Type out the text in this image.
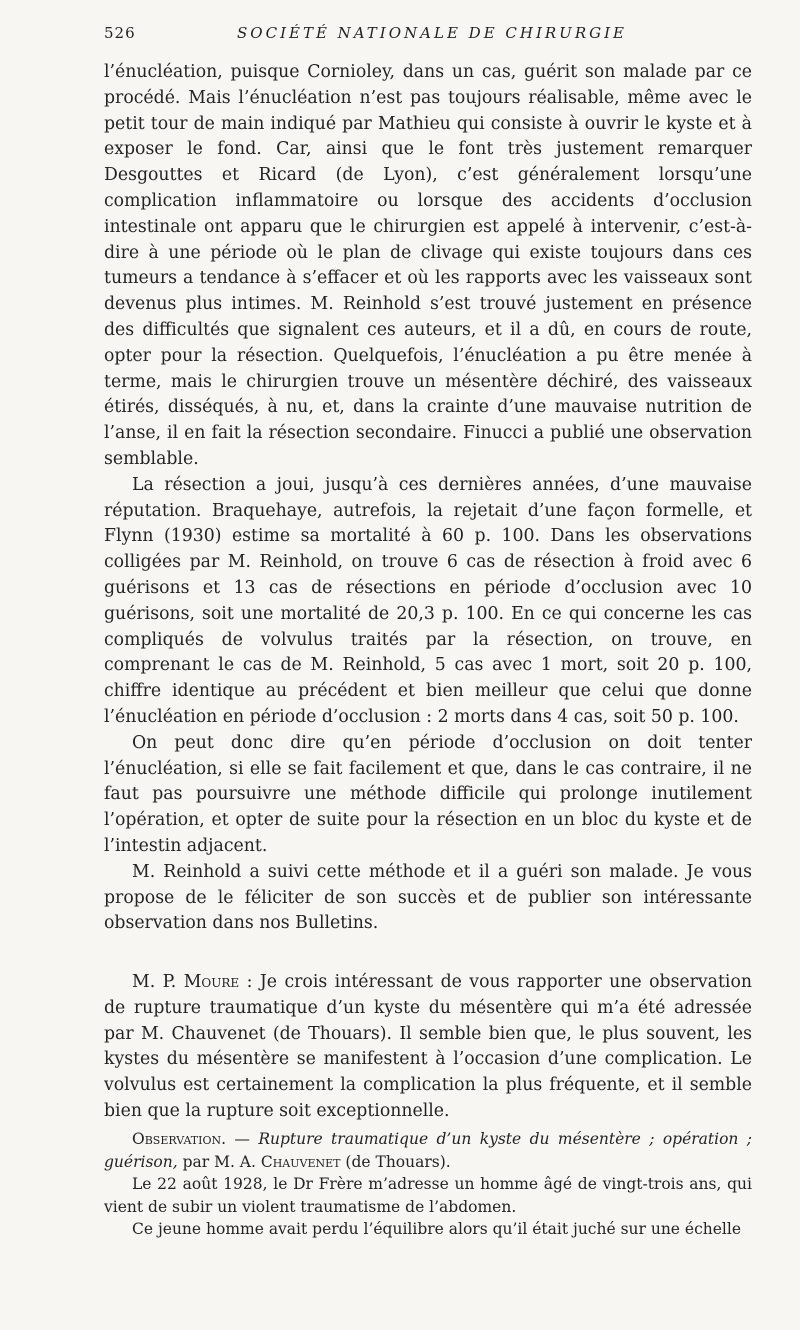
526	SOCIÉTÉ NATIONALE DE CHIRURGIE

l’énucléation, puisque Cornioley, dans un cas, guérit son malade par ce procédé. Mais l’énucléation n’est pas toujours réalisable, même avec le petit tour de main indiqué par Mathieu qui consiste à ouvrir le kyste et à exposer le fond. Car, ainsi que le font très justement remarquer Desgouttes et Ricard (de Lyon), c’est généralement lorsqu’une complication inflammatoire ou lorsque des accidents d’occlusion intestinale ont apparu que le chirurgien est appelé à intervenir, c’est-à-dire à une période où le plan de clivage qui existe toujours dans ces tumeurs a tendance à s’effacer et où les rapports avec les vaisseaux sont devenus plus intimes. M. Reinhold s’est trouvé justement en présence des difficultés que signalent ces auteurs, et il a dû, en cours de route, opter pour la résection. Quelquefois, l’énucléation a pu être menée à terme, mais le chirurgien trouve un mésentère déchiré, des vaisseaux étirés, disséqués, à nu, et, dans la crainte d’une mauvaise nutrition de l’anse, il en fait la résection secondaire. Finucci a publié une observation semblable.

La résection a joui, jusqu’à ces dernières années, d’une mauvaise réputation. Braquehaye, autrefois, la rejetait d’une façon formelle, et Flynn (1930) estime sa mortalité à 60 p. 100. Dans les observations colligées par M. Reinhold, on trouve 6 cas de résection à froid avec 6 guérisons et 13 cas de résections en période d’occlusion avec 10 guérisons, soit une mortalité de 20,3 p. 100. En ce qui concerne les cas compliqués de volvulus traités par la résection, on trouve, en comprenant le cas de M. Reinhold, 5 cas avec 1 mort, soit 20 p. 100, chiffre identique au précédent et bien meilleur que celui que donne l’énucléation en période d’occlusion : 2 morts dans 4 cas, soit 50 p. 100.

On peut donc dire qu’en période d’occlusion on doit tenter l’énucléation, si elle se fait facilement et que, dans le cas contraire, il ne faut pas poursuivre une méthode difficile qui prolonge inutilement l’opération, et opter de suite pour la résection en un bloc du kyste et de l’intestin adjacent.

M. Reinhold a suivi cette méthode et il a guéri son malade. Je vous propose de le féliciter de son succès et de publier son intéressante observation dans nos Bulletins.

M. P. Moure : Je crois intéressant de vous rapporter une observation de rupture traumatique d’un kyste du mésentère qui m’a été adressée par M. Chauvenet (de Thouars). Il semble bien que, le plus souvent, les kystes du mésentère se manifestent à l’occasion d’une complication. Le volvulus est certainement la complication la plus fréquente, et il semble bien que la rupture soit exceptionnelle.

Observation. — Rupture traumatique d’un kyste du mésentère ; opération ; guérison, par M. A. Chauvenet (de Thouars).

Le 22 août 1928, le Dr Frère m’adresse un homme âgé de vingt-trois ans, qui vient de subir un violent traumatisme de l’abdomen.

Ce jeune homme avait perdu l’équilibre alors qu’il était juché sur une échelle
